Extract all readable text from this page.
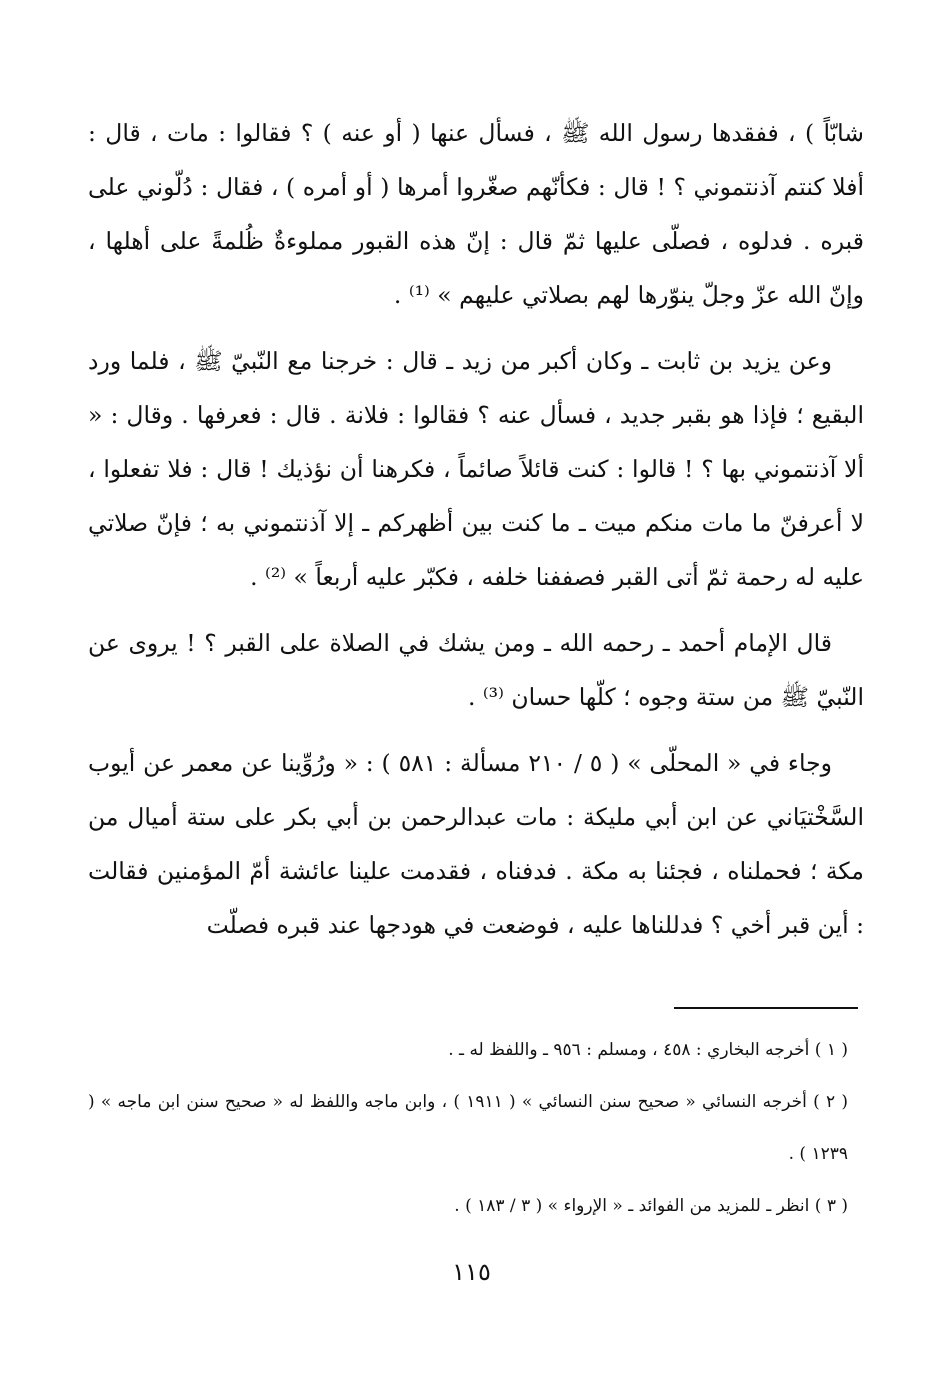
شابّاً ) ، ففقدها رسول الله ﷺ ، فسأل عنها ( أو عنه ) ؟ فقالوا : مات ، قال : أفلا كنتم آذنتموني ؟ ! قال : فكأنّهم صغّروا أمرها ( أو أمره ) ، فقال : دُلّوني على قبره . فدلوه ، فصلّى عليها ثمّ قال : إنّ هذه القبور مملوءةٌ ظُلمةً على أهلها ، وإنّ الله عزّ وجلّ ينوّرها لهم بصلاتي عليهم » ⁽¹⁾ .

وعن يزيد بن ثابت ـ وكان أكبر من زيد ـ قال : خرجنا مع النّبيّ ﷺ ، فلما ورد البقيع ؛ فإذا هو بقبر جديد ، فسأل عنه ؟ فقالوا : فلانة . قال : فعرفها . وقال : « ألا آذنتموني بها ؟ ! قالوا : كنت قائلاً صائماً ، فكرهنا أن نؤذيك ! قال : فلا تفعلوا ، لا أعرفنّ ما مات منكم ميت ـ ما كنت بين أظهركم ـ إلا آذنتموني به ؛ فإنّ صلاتي عليه له رحمة ثمّ أتى القبر فصففنا خلفه ، فكبّر عليه أربعاً » ⁽²⁾ .

قال الإمام أحمد ـ رحمه الله ـ ومن يشك في الصلاة على القبر ؟ ! يروى عن النّبيّ ﷺ من ستة وجوه ؛ كلّها حسان ⁽³⁾ .

وجاء في « المحلّى » ( ٥ / ٢١٠ مسألة : ٥٨١ ) : « ورُوِّينا عن معمر عن أيوب السَّخْتيَاني عن ابن أبي مليكة : مات عبدالرحمن بن أبي بكر على ستة أميال من مكة ؛ فحملناه ، فجئنا به مكة . فدفناه ، فقدمت علينا عائشة أمّ المؤمنين فقالت : أين قبر أخي ؟ فدللناها عليه ، فوضعت في هودجها عند قبره فصلّت

( ١ ) أخرجه البخاري : ٤٥٨ ، ومسلم : ٩٥٦ ـ واللفظ له ـ .

( ٢ ) أخرجه النسائي « صحيح سنن النسائي » ( ١٩١١ ) ، وابن ماجه واللفظ له « صحيح سنن ابن ماجه » ( ١٢٣٩ ) .

( ٣ ) انظر ـ للمزيد من الفوائد ـ « الإرواء » ( ٣ / ١٨٣ ) .

١١٥
